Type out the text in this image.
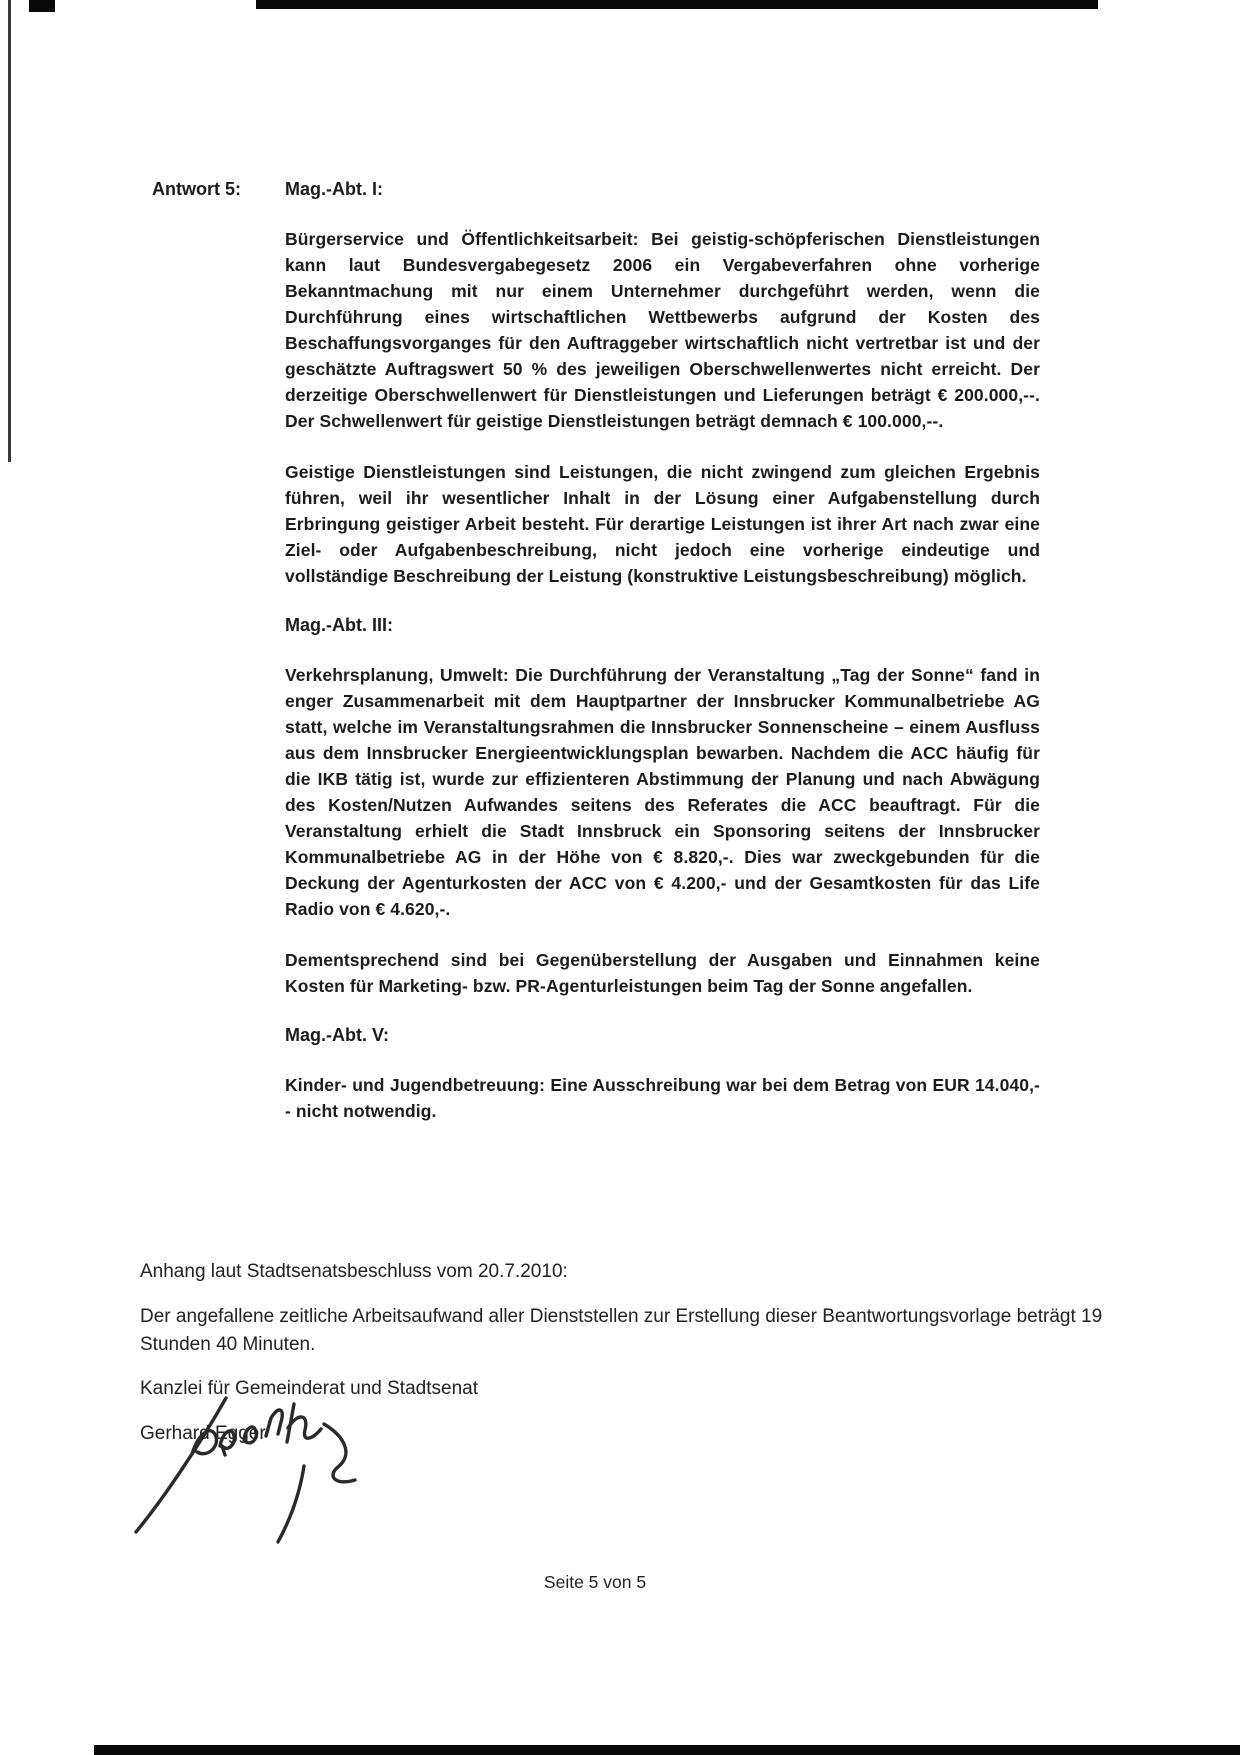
Antwort 5:	Mag.-Abt. I:

Bürgerservice und Öffentlichkeitsarbeit: Bei geistig-schöpferischen Dienstleistungen kann laut Bundesvergabegesetz 2006 ein Vergabeverfahren ohne vorherige Bekanntmachung mit nur einem Unternehmer durchgeführt werden, wenn die Durchführung eines wirtschaftlichen Wettbewerbs aufgrund der Kosten des Beschaffungsvorganges für den Auftraggeber wirtschaftlich nicht vertretbar ist und der geschätzte Auftragswert 50 % des jeweiligen Oberschwellenwertes nicht erreicht. Der derzeitige Oberschwellenwert für Dienstleistungen und Lieferungen beträgt € 200.000,--. Der Schwellenwert für geistige Dienstleistungen beträgt demnach € 100.000,--.

Geistige Dienstleistungen sind Leistungen, die nicht zwingend zum gleichen Ergebnis führen, weil ihr wesentlicher Inhalt in der Lösung einer Aufgabenstellung durch Erbringung geistiger Arbeit besteht. Für derartige Leistungen ist ihrer Art nach zwar eine Ziel- oder Aufgabenbeschreibung, nicht jedoch eine vorherige eindeutige und vollständige Beschreibung der Leistung (konstruktive Leistungsbeschreibung) möglich.

Mag.-Abt. III:

Verkehrsplanung, Umwelt: Die Durchführung der Veranstaltung „Tag der Sonne“ fand in enger Zusammenarbeit mit dem Hauptpartner der Innsbrucker Kommunalbetriebe AG statt, welche im Veranstaltungsrahmen die Innsbrucker Sonnenscheine – einem Ausfluss aus dem Innsbrucker Energieentwicklungsplan bewarben. Nachdem die ACC häufig für die IKB tätig ist, wurde zur effizienteren Abstimmung der Planung und nach Abwägung des Kosten/Nutzen Aufwandes seitens des Referates die ACC beauftragt. Für die Veranstaltung erhielt die Stadt Innsbruck ein Sponsoring seitens der Innsbrucker Kommunalbetriebe AG in der Höhe von € 8.820,-. Dies war zweckgebunden für die Deckung der Agenturkosten der ACC von € 4.200,- und der Gesamtkosten für das Life Radio von € 4.620,-.

Dementsprechend sind bei Gegenüberstellung der Ausgaben und Einnahmen keine Kosten für Marketing- bzw. PR-Agenturleistungen beim Tag der Sonne angefallen.

Mag.-Abt. V:

Kinder- und Jugendbetreuung: Eine Ausschreibung war bei dem Betrag von EUR 14.040,-- nicht notwendig.

Anhang laut Stadtsenatsbeschluss vom 20.7.2010:

Der angefallene zeitliche Arbeitsaufwand aller Dienststellen zur Erstellung dieser Beantwortungsvorlage beträgt 19 Stunden 40 Minuten.

Kanzlei für Gemeinderat und Stadtsenat

Gerhard Egger

Seite 5 von 5
